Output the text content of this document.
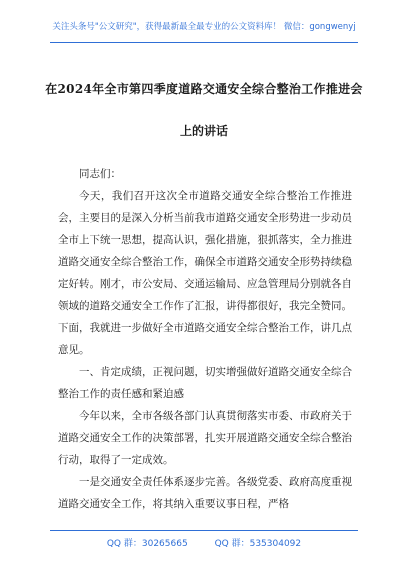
关注头条号"公文研究"，获得最新最全最专业的公文资料库！ 微信：gongwenyj
在2024年全市第四季度道路交通安全综合整治工作推进会
上的讲话

同志们：

今天，我们召开这次全市道路交通安全综合整治工作推进会，主要目的是深入分析当前我市道路交通安全形势进一步动员全市上下统一思想，提高认识，强化措施，狠抓落实，全力推进道路交通安全综合整治工作，确保全市道路交通安全形势持续稳定好转。刚才，市公安局、交通运输局、应急管理局分别就各自领域的道路交通安全工作作了汇报，讲得都很好，我完全赞同。下面，我就进一步做好全市道路交通安全综合整治工作，讲几点意见。

一、肯定成绩，正视问题，切实增强做好道路交通安全综合整治工作的责任感和紧迫感

今年以来，全市各级各部门认真贯彻落实市委、市政府关于道路交通安全工作的决策部署，扎实开展道路交通安全综合整治行动，取得了一定成效。

一是交通安全责任体系逐步完善。各级党委、政府高度重视道路交通安全工作，将其纳入重要议事日程，严格

QQ 群：30265665	QQ 群：535304092
